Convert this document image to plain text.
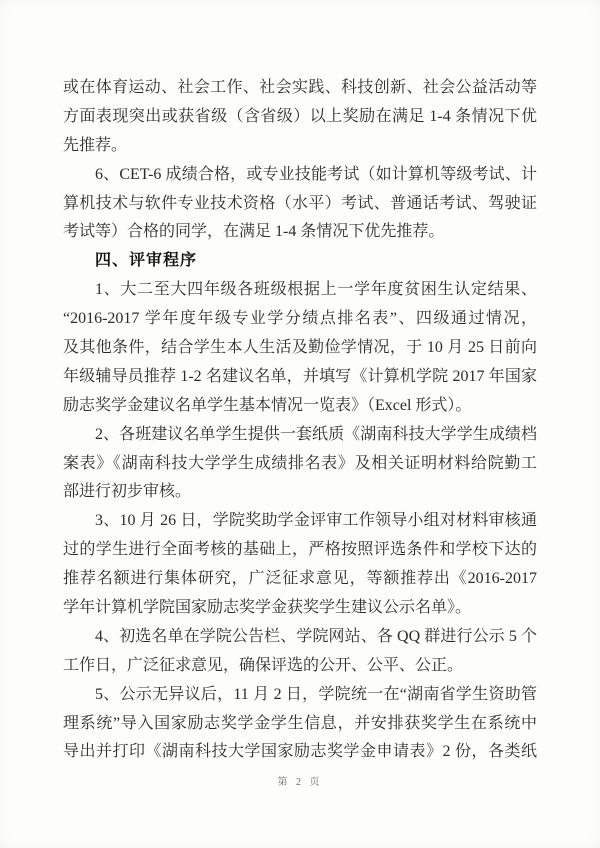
或在体育运动、社会工作、社会实践、科技创新、社会公益活动等
方面表现突出或获省级（含省级）以上奖励在满足 1-4 条情况下优
先推荐。
6、CET-6 成绩合格，或专业技能考试（如计算机等级考试、计
算机技术与软件专业技术资格（水平）考试、普通话考试、驾驶证
考试等）合格的同学，在满足 1-4 条情况下优先推荐。
四、评审程序
1、大二至大四年级各班级根据上一学年度贫困生认定结果、
“2016-2017 学年度年级专业学分绩点排名表”、四级通过情况，
及其他条件，结合学生本人生活及勤俭学情况，于 10 月 25 日前向
年级辅导员推荐 1-2 名建议名单，并填写《计算机学院 2017 年国家
励志奖学金建议名单学生基本情况一览表》（Excel 形式）。
2、各班建议名单学生提供一套纸质《湖南科技大学学生成绩档
案表》《湖南科技大学学生成绩排名表》及相关证明材料给院勤工
部进行初步审核。
3、10 月 26 日，学院奖助学金评审工作领导小组对材料审核通
过的学生进行全面考核的基础上，严格按照评选条件和学校下达的
推荐名额进行集体研究，广泛征求意见，等额推荐出《2016-2017
学年计算机学院国家励志奖学金获奖学生建议公示名单》。
4、初选名单在学院公告栏、学院网站、各 QQ 群进行公示 5 个
工作日，广泛征求意见，确保评选的公开、公平、公正。
5、公示无异议后，11 月 2 日，学院统一在“湖南省学生资助管
理系统”导入国家励志奖学金学生信息，并安排获奖学生在系统中
导出并打印《湖南科技大学国家励志奖学金申请表》2 份，各类纸
第 2 页
